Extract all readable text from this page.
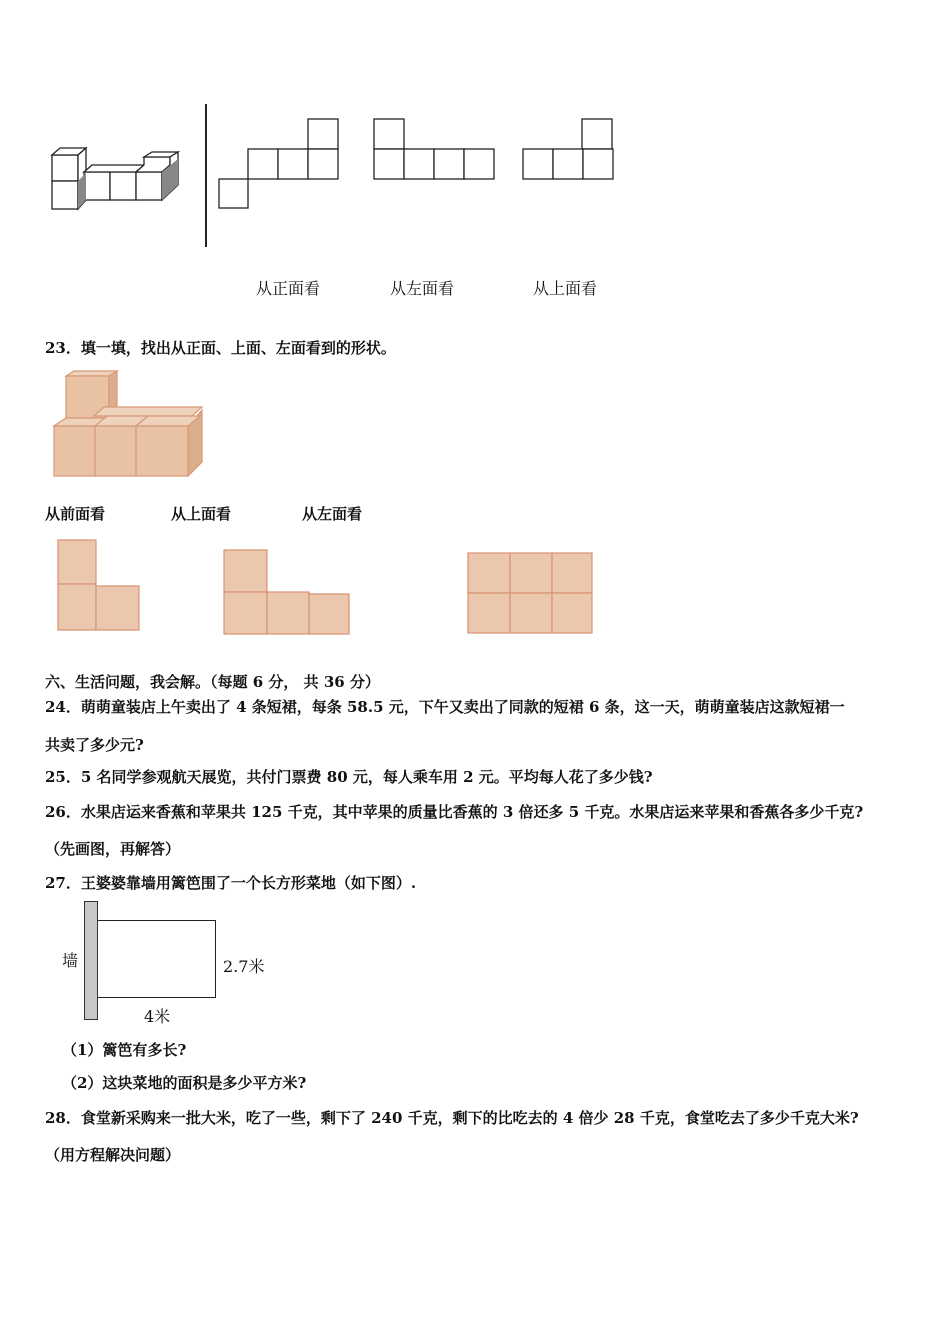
从正面看	从左面看	从上面看
23．填一填，找出从正面、上面、左面看到的形状。
从前面看	从上面看	从左面看
六、生活问题，我会解。（每题 6 分， 共 36 分）
24．萌萌童装店上午卖出了 4 条短裙，每条 58.5 元，下午又卖出了同款的短裙 6 条，这一天，萌萌童装店这款短裙一
共卖了多少元?
25．5 名同学参观航天展览，共付门票费 80 元，每人乘车用 2 元。平均每人花了多少钱?
26．水果店运来香蕉和苹果共 125 千克，其中苹果的质量比香蕉的 3 倍还多 5 千克。水果店运来苹果和香蕉各多少千克?
（先画图，再解答）
27．王婆婆靠墙用篱笆围了一个长方形菜地（如下图）.
墙	2.7米
4米
（1）篱笆有多长?
（2）这块菜地的面积是多少平方米?
28．食堂新采购来一批大米，吃了一些，剩下了 240 千克，剩下的比吃去的 4 倍少 28 千克，食堂吃去了多少千克大米?
（用方程解决问题）
